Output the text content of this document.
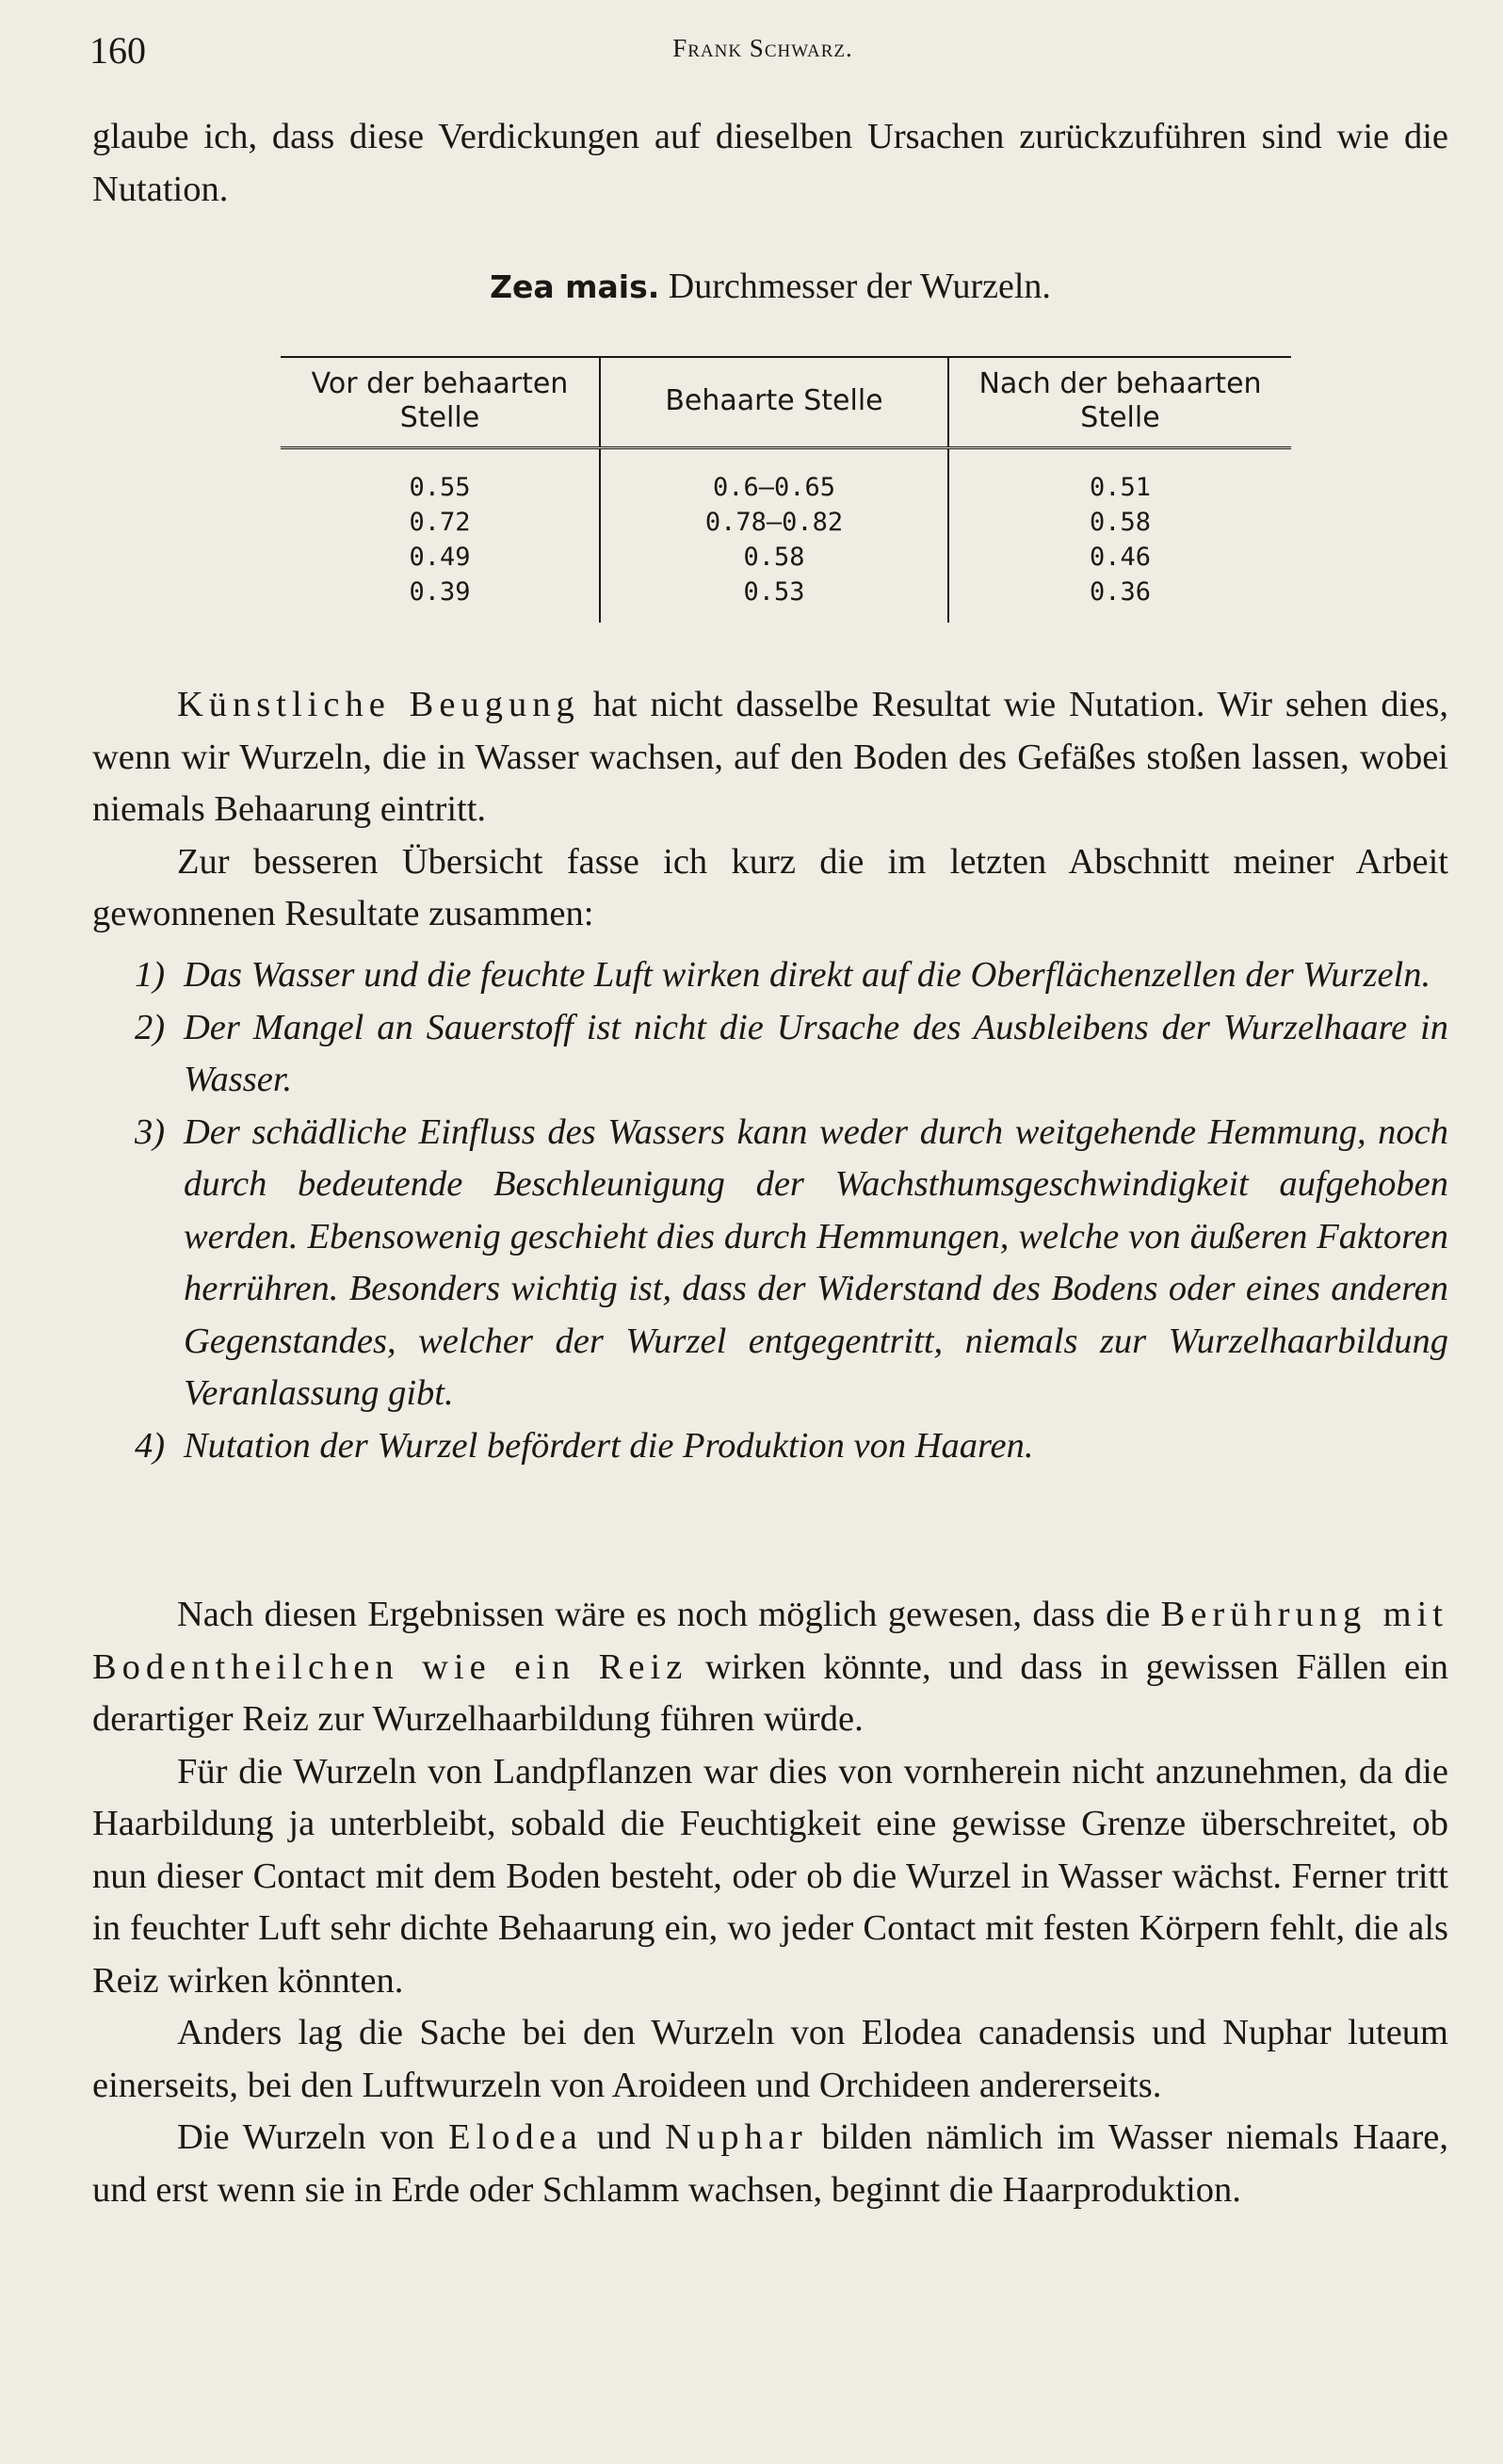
160	Frank Schwarz.

glaube ich, dass diese Verdickungen auf dieselben Ursachen zurückzuführen sind wie die Nutation.

Zea mais. Durchmesser der Wurzeln.
Vor der behaarten Stelle	Behaarte Stelle	Nach der behaarten Stelle
0.55	0.6—0.65	0.51
0.72	0.78—0.82	0.58
0.49	0.58	0.46
0.39	0.53	0.36

Künstliche Beugung hat nicht dasselbe Resultat wie Nutation. Wir sehen dies, wenn wir Wurzeln, die in Wasser wachsen, auf den Boden des Gefäßes stoßen lassen, wobei niemals Behaarung eintritt.

Zur besseren Übersicht fasse ich kurz die im letzten Abschnitt meiner Arbeit gewonnenen Resultate zusammen:

1) Das Wasser und die feuchte Luft wirken direkt auf die Oberflächenzellen der Wurzeln.
2) Der Mangel an Sauerstoff ist nicht die Ursache des Ausbleibens der Wurzelhaare in Wasser.
3) Der schädliche Einfluss des Wassers kann weder durch weitgehende Hemmung, noch durch bedeutende Beschleunigung der Wachsthumsgeschwindigkeit aufgehoben werden. Ebensowenig geschieht dies durch Hemmungen, welche von äußeren Faktoren herrühren. Besonders wichtig ist, dass der Widerstand des Bodens oder eines anderen Gegenstandes, welcher der Wurzel entgegentritt, niemals zur Wurzelhaarbildung Veranlassung gibt.
4) Nutation der Wurzel befördert die Produktion von Haaren.

Nach diesen Ergebnissen wäre es noch möglich gewesen, dass die Berührung mit Bodentheilchen wie ein Reiz wirken könnte, und dass in gewissen Fällen ein derartiger Reiz zur Wurzelhaarbildung führen würde.

Für die Wurzeln von Landpflanzen war dies von vornherein nicht anzunehmen, da die Haarbildung ja unterbleibt, sobald die Feuchtigkeit eine gewisse Grenze überschreitet, ob nun dieser Contact mit dem Boden besteht, oder ob die Wurzel in Wasser wächst. Ferner tritt in feuchter Luft sehr dichte Behaarung ein, wo jeder Contact mit festen Körpern fehlt, die als Reiz wirken könnten.

Anders lag die Sache bei den Wurzeln von Elodea canadensis und Nuphar luteum einerseits, bei den Luftwurzeln von Aroideen und Orchideen andererseits.

Die Wurzeln von Elodea und Nuphar bilden nämlich im Wasser niemals Haare, und erst wenn sie in Erde oder Schlamm wachsen, beginnt die Haarproduktion.
